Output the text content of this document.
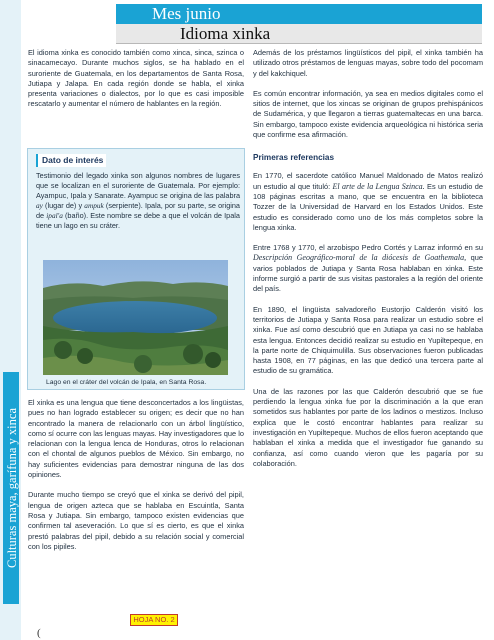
Culturas maya, garífuna y xinca
(
Mes junio
Idioma xinka

El idioma xinka es conocido también como xinca, sinca, szinca o sinacamecayo. Durante muchos siglos, se ha hablado en el suroriente de Guatemala, en los departamentos de Santa Rosa, Jutiapa y Jalapa. En cada región donde se habla, el xinka presenta variaciones o dialectos, por lo que es casi imposible rescatarlo y aumentar el número de hablantes en la región.

Dato de interés

Testimonio del legado xinka son algunos nombres de lugares que se localizan en el suroriente de Guatemala. Por ejemplo: Ayampuc, Ipala y Sanarate. Ayampuc se origina de las palabra ay (lugar de) y ampuk (serpiente). Ipala, por su parte, se origina de ipal'a (baño). Este nombre se debe a que el volcán de Ipala tiene un lago en su cráter.

Lago en el cráter del volcán de Ipala, en Santa Rosa.

El xinka es una lengua que tiene desconcertados a los lingüistas, pues no han logrado establecer su origen; es decir que no han encontrado la manera de relacionarlo con un árbol lingüístico, como sí ocurre con las lenguas mayas. Hay investigadores que lo relacionan con la lengua lenca de Honduras, otros lo relacionan con el chontal de algunos pueblos de México. Sin embargo, no hay suficientes evidencias para demostrar ninguna de las dos opiniones.

Durante mucho tiempo se creyó que el xinka se derivó del pipil, lengua de origen azteca que se hablaba en Escuintla, Santa Rosa y Jutiapa. Sin embargo, tampoco existen evidencias que confirmen tal aseveración. Lo que sí es cierto, es que el xinka prestó palabras del pipil, debido a su relación social y comercial con los pipiles.

Además de los préstamos lingüísticos del pipil, el xinka también ha utilizado otros préstamos de lenguas mayas, sobre todo del pocomam y del kakchiquel.

Es común encontrar información, ya sea en medios digitales como el sitios de internet, que los xincas se originan de grupos prehispánicos de Sudamérica, y que llegaron a tierras guatemaltecas en una barca. Sin embargo, tampoco existe evidencia arqueológica ni histórica seria que confirme esa afirmación.

Primeras referencias

En 1770, el sacerdote católico Manuel Maldonado de Matos realizó un estudio al que tituló: El arte de la Lengua Szinca. Es un estudio de 108 páginas escritas a mano, que se encuentra en la biblioteca Tozzer de la Universidad de Harvard en los Estados Unidos. Este estudio es considerado como uno de los más completos sobre la lengua xinka.

Entre 1768 y 1770, el arzobispo Pedro Cortés y Larraz informó en su Descripción Geográfico-moral de la diócesis de Goathemala, que varios poblados de Jutiapa y Santa Rosa hablaban en xinka. Este informe surgió a partir de sus visitas pastorales a la región del oriente del país.

En 1890, el lingüista salvadoreño Eustorjio Calderón visitó los territorios de Jutiapa y Santa Rosa para realizar un estudio sobre el xinka. Fue así como descubrió que en Jutiapa ya casi no se hablaba esta lengua. Entonces decidió realizar su estudio en Yupiltepeque, en la parte norte de Chiquimulilla. Sus observaciones fueron publicadas hasta 1908, en 77 páginas, en las que dedicó una tercera parte al estudio de su gramática.

Una de las razones por las que Calderón descubrió que se fue perdiendo la lengua xinka fue por la discriminación a la que eran sometidos sus hablantes por parte de los ladinos o mestizos. Incluso explica que le costó encontrar hablantes para realizar su investigación en Yupiltepeque. Muchos de ellos fueron aceptando que hablaban el xinka a medida que el investigador fue ganando su confianza, así como cuando vieron que les pagaría por su colaboración.

HOJA NO. 2
